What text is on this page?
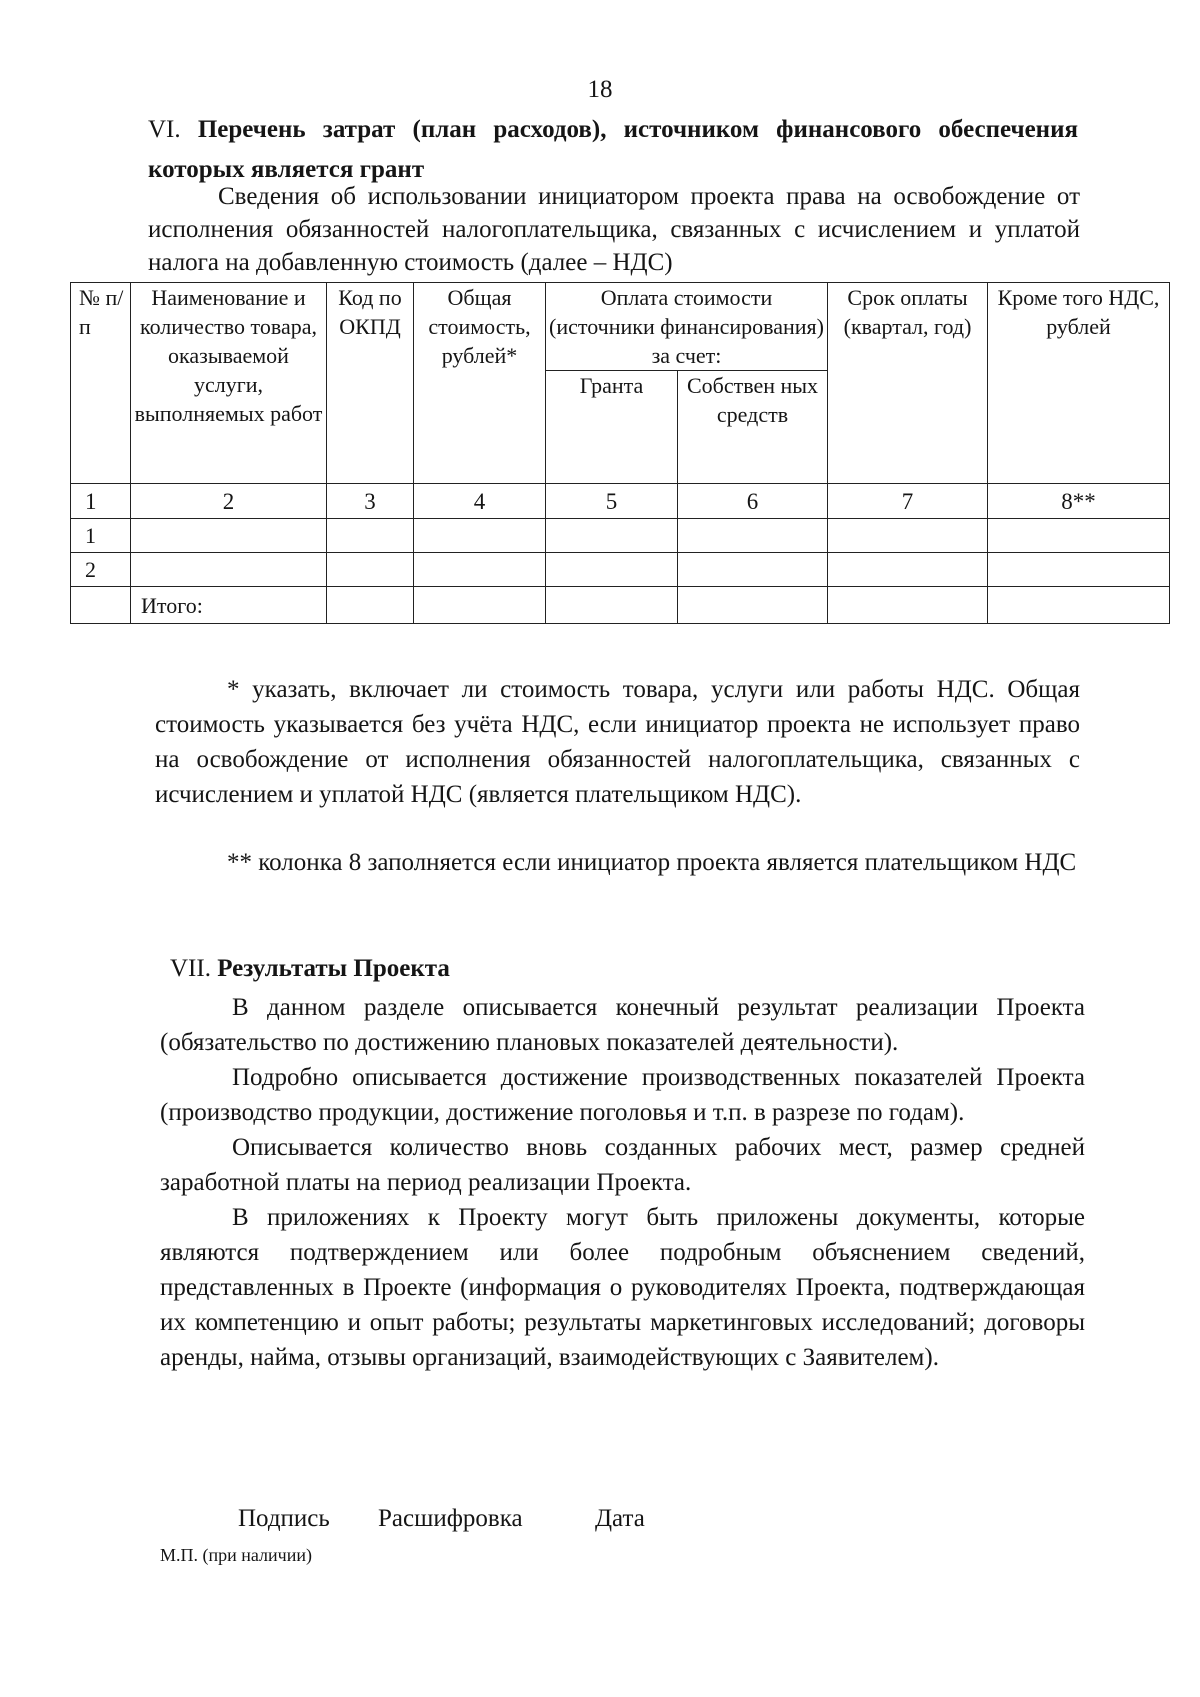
18
VI. Перечень затрат (план расходов), источником финансового обеспечения которых является грант
Сведения об использовании инициатором проекта права на освобождение от исполнения обязанностей налогоплательщика, связанных с исчислением и уплатой налога на добавленную стоимость (далее – НДС)
№ п/ п	Наименование и количество товара, оказываемой услуги, выполняемых работ	Код по ОКПД	Общая стоимость, рублей*	Оплата стоимости (источники финансирования) за счет:		Срок оплаты (квартал, год)	Кроме того НДС, рублей
				Гранта	Собствен ных средств		
1	2	3	4	5	6	7	8**
1							
2							
	Итого:						
* указать, включает ли стоимость товара, услуги или работы НДС. Общая стоимость указывается без учёта НДС, если инициатор проекта не использует право на освобождение от исполнения обязанностей налогоплательщика, связанных с исчислением и уплатой НДС (является плательщиком НДС).
** колонка 8 заполняется если инициатор проекта является плательщиком НДС
VII. Результаты Проекта

В данном разделе описывается конечный результат реализации Проекта (обязательство по достижению плановых показателей деятельности).

Подробно описывается достижение производственных показателей Проекта (производство продукции, достижение поголовья и т.п. в разрезе по годам).

Описывается количество вновь созданных рабочих мест, размер средней заработной платы на период реализации Проекта.

В приложениях к Проекту могут быть приложены документы, которые являются подтверждением или более подробным объяснением сведений, представленных в Проекте (информация о руководителях Проекта, подтверждающая их компетенцию и опыт работы; результаты маркетинговых исследований; договоры аренды, найма, отзывы организаций, взаимодействующих с Заявителем).

Подпись Расшифровка	Дата
М.П. (при наличии)
